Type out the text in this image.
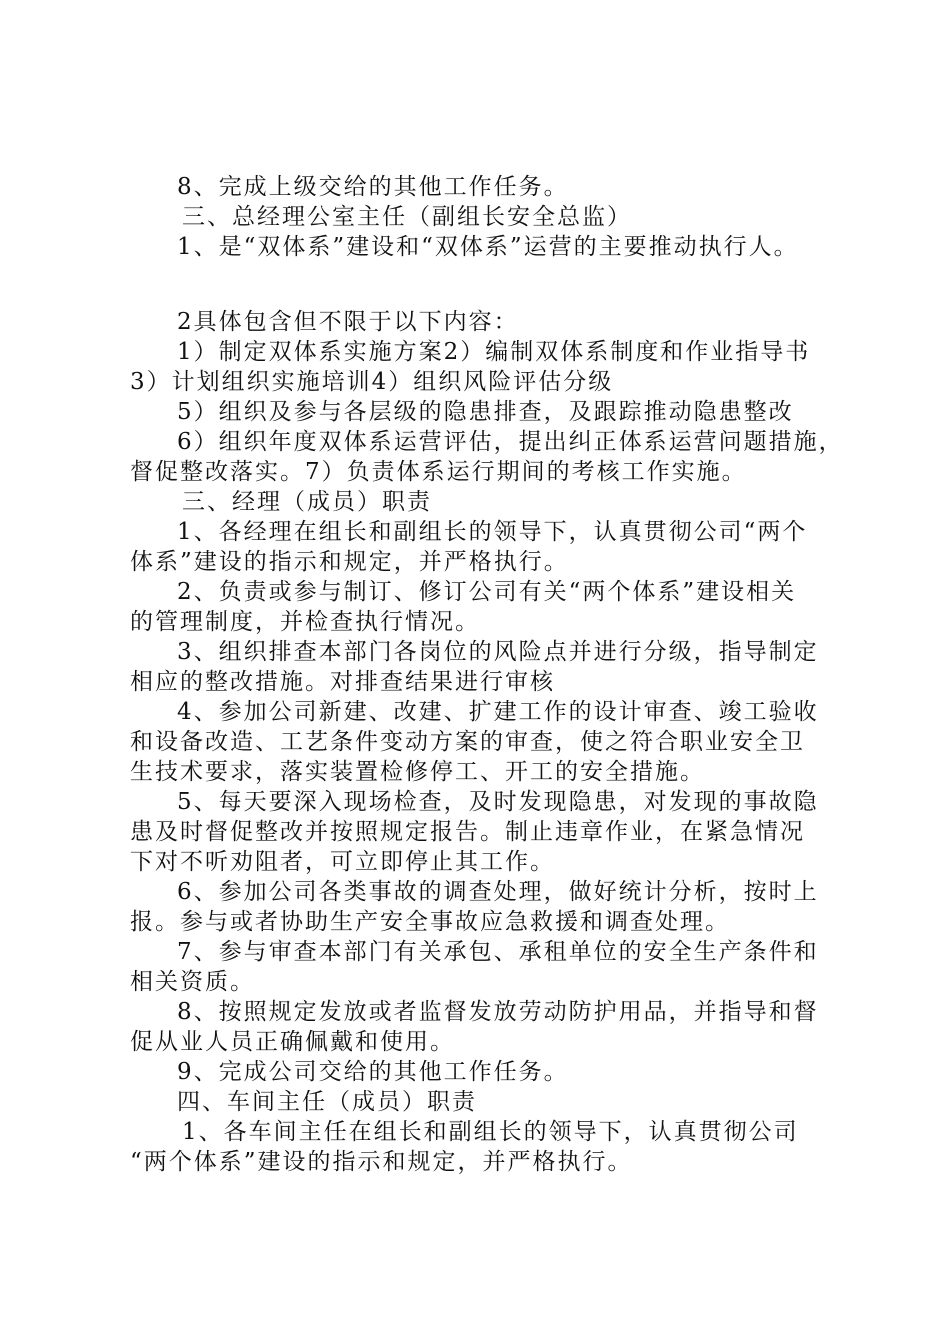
8、完成上级交给的其他工作任务。
三、总经理公室主任（副组长安全总监）
1、是“双体系”建设和“双体系”运营的主要推动执行人。
2具体包含但不限于以下内容：
1）制定双体系实施方案2）编制双体系制度和作业指导书
3）计划组织实施培训4）组织风险评估分级
5）组织及参与各层级的隐患排查，及跟踪推动隐患整改
6）组织年度双体系运营评估，提出纠正体系运营问题措施，
督促整改落实。7）负责体系运行期间的考核工作实施。
三、经理（成员）职责
1、各经理在组长和副组长的领导下，认真贯彻公司“两个
体系”建设的指示和规定，并严格执行。
2、负责或参与制订、修订公司有关“两个体系”建设相关
的管理制度，并检查执行情况。
3、组织排查本部门各岗位的风险点并进行分级，指导制定
相应的整改措施。对排查结果进行审核
4、参加公司新建、改建、扩建工作的设计审查、竣工验收
和设备改造、工艺条件变动方案的审查，使之符合职业安全卫
生技术要求，落实装置检修停工、开工的安全措施。
5、每天要深入现场检查，及时发现隐患，对发现的事故隐
患及时督促整改并按照规定报告。制止违章作业，在紧急情况
下对不听劝阻者，可立即停止其工作。
6、参加公司各类事故的调查处理，做好统计分析，按时上
报。参与或者协助生产安全事故应急救援和调查处理。
7、参与审查本部门有关承包、承租单位的安全生产条件和
相关资质。
8、按照规定发放或者监督发放劳动防护用品，并指导和督
促从业人员正确佩戴和使用。
9、完成公司交给的其他工作任务。
四、车间主任（成员）职责
1、各车间主任在组长和副组长的领导下，认真贯彻公司
“两个体系”建设的指示和规定，并严格执行。
